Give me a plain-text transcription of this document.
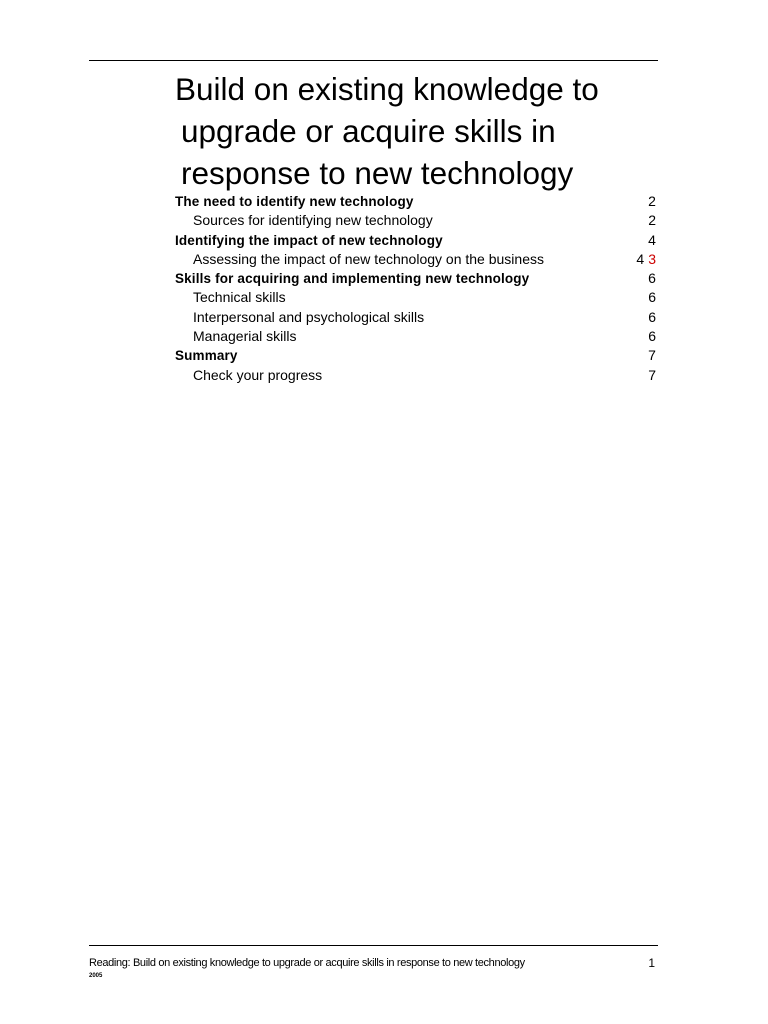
Build on existing knowledge to
upgrade or acquire skills in
response to new technology
The need to identify new technology	2
Sources for identifying new technology	2
Identifying the impact of new technology	4
Assessing the impact of new technology on the business	4 3
Skills for acquiring and implementing new technology	6
Technical skills	6
Interpersonal and psychological skills	6
Managerial skills	6
Summary	7
Check your progress	7
Reading: Build on existing knowledge to upgrade or acquire skills in response to new technology	1
2005
